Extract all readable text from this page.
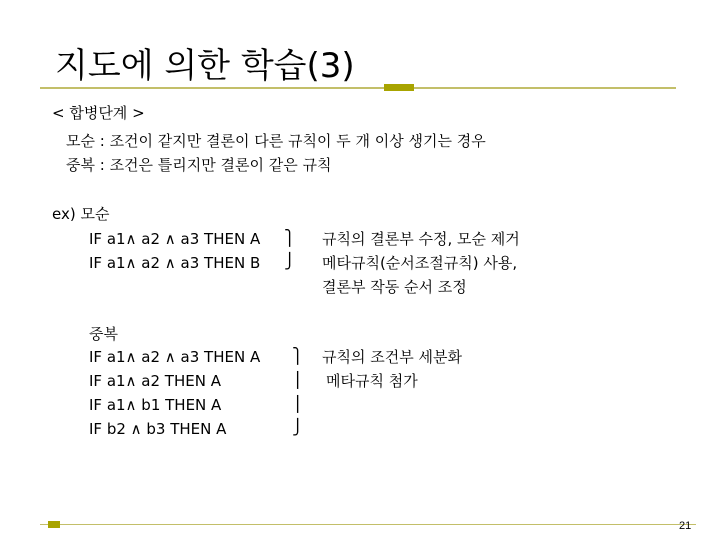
지도에 의한 학습(3)
< 합병단계 >
모순 : 조건이 같지만 결론이 다른 규칙이 두 개 이상 생기는 경우
중복 : 조건은 틀리지만 결론이 같은 규칙
ex) 모순
IF a1∧ a2 ∧ a3 THEN A
IF a1∧ a2 ∧ a3 THEN B
⎫
⎭
규칙의 결론부 수정, 모순 제거
메타규칙(순서조절규칙) 사용,
결론부 작동 순서 조정
중복
IF a1∧ a2 ∧ a3 THEN A
IF a1∧ a2 THEN A
IF a1∧ b1 THEN A
IF b2 ∧ b3 THEN A
⎫
⎪
⎪
⎭
규칙의 조건부 세분화
메타규칙 첨가
21
